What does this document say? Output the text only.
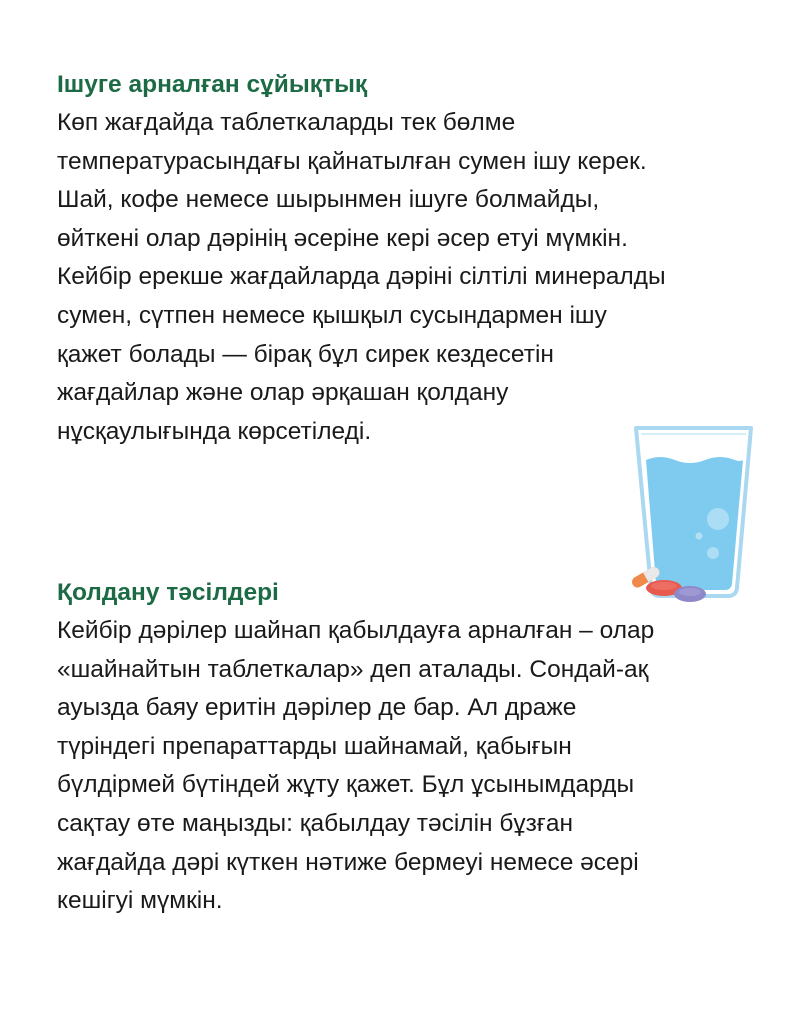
Ішуге арналған сұйықтық

Көп жағдайда таблеткаларды тек бөлме
температурасындағы қайнатылған сумен ішу керек.
Шай, кофе немесе шырынмен ішуге болмайды,
өйткені олар дәрінің әсеріне кері әсер етуі мүмкін.
Кейбір ерекше жағдайларда дәріні сілтілі минералды
сумен, сүтпен немесе қышқыл сусындармен ішу
қажет болады — бірақ бұл сирек кездесетін
жағдайлар және олар әрқашан қолдану
нұсқаулығында көрсетіледі.

Қолдану тәсілдері

Кейбір дәрілер шайнап қабылдауға арналған – олар
«шайнайтын таблеткалар» деп аталады. Сондай-ақ
ауызда баяу еритін дәрілер де бар. Ал драже
түріндегі препараттарды шайнамай, қабығын
бүлдірмей бүтіндей жұту қажет. Бұл ұсынымдарды
сақтау өте маңызды: қабылдау тәсілін бұзған
жағдайда дәрі күткен нәтиже бермеуі немесе әсері
кешігуі мүмкін.
